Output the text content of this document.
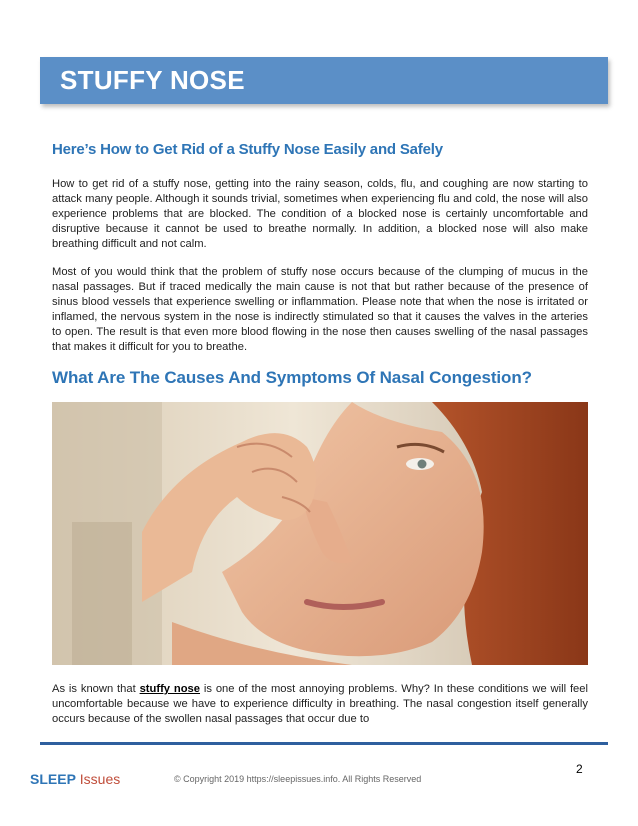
STUFFY NOSE
Here’s How to Get Rid of a Stuffy Nose Easily and Safely

How to get rid of a stuffy nose, getting into the rainy season, colds, flu, and coughing are now starting to attack many people. Although it sounds trivial, sometimes when experiencing flu and cold, the nose will also experience problems that are blocked. The condition of a blocked nose is certainly uncomfortable and disruptive because it cannot be used to breathe normally. In addition, a blocked nose will also make breathing difficult and not calm.

Most of you would think that the problem of stuffy nose occurs because of the clumping of mucus in the nasal passages. But if traced medically the main cause is not that but rather because of the presence of sinus blood vessels that experience swelling or inflammation. Please note that when the nose is irritated or inflamed, the nervous system in the nose is indirectly stimulated so that it causes the valves in the arteries to open. The result is that even more blood flowing in the nose then causes swelling of the nasal passages that makes it difficult for you to breathe.

What Are The Causes And Symptoms Of Nasal Congestion?

As is known that stuffy nose is one of the most annoying problems. Why? In these conditions we will feel uncomfortable because we have to experience difficulty in breathing. The nasal congestion itself generally occurs because of the swollen nasal passages that occur due to

2
SLEEP Issues	© Copyright 2019 https://sleepissues.info. All Rights Reserved
